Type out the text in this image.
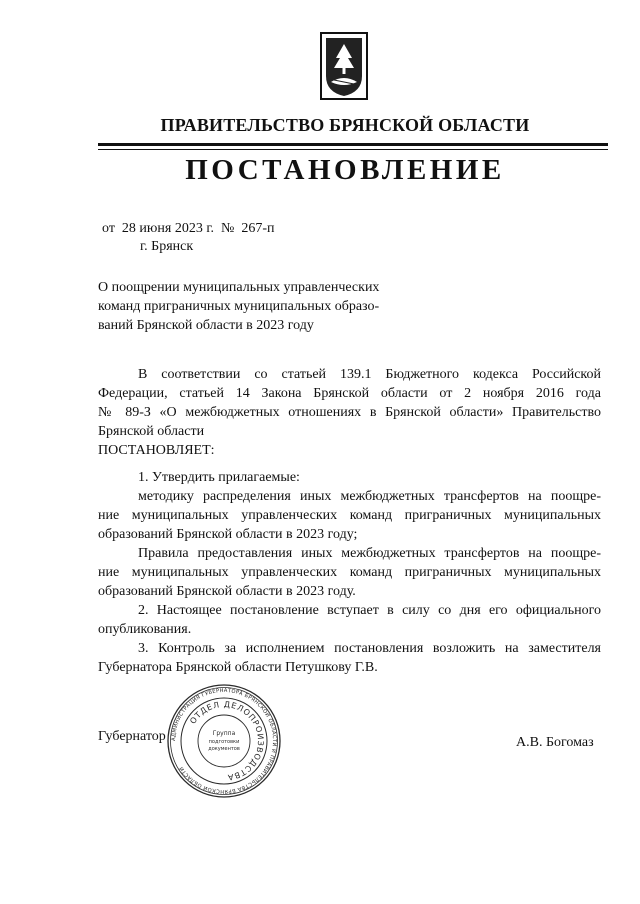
ПРАВИТЕЛЬСТВО БРЯНСКОЙ ОБЛАСТИ
ПОСТАНОВЛЕНИЕ
от  28 июня 2023 г.  №  267-п
г. Брянск
О поощрении муниципальных управленческих
команд приграничных муниципальных образо-
ваний Брянской области в 2023 году
В соответствии со статьей 139.1 Бюджетного кодекса Российской
Федерации, статьей 14 Закона Брянской области от 2 ноября 2016 года
№ 89-З «О межбюджетных отношениях в Брянской области» Правительство
Брянской области
ПОСТАНОВЛЯЕТ:
1. Утвердить прилагаемые:
методику распределения иных межбюджетных трансфертов на поощре-
ние муниципальных управленческих команд приграничных муниципальных
образований Брянской области в 2023 году;
Правила предоставления иных межбюджетных трансфертов на поощре-
ние муниципальных управленческих команд приграничных муниципальных
образований Брянской области в 2023 году.
2. Настоящее постановление вступает в силу со дня его официального
опубликования.
3. Контроль за исполнением постановления возложить на заместителя
Губернатора Брянской области Петушкову Г.В.
Губернатор	А.В. Богомаз
АДМИНИСТРАЦИЯ ГУБЕРНАТОРА БРЯНСКОЙ ОБЛАСТИ И ПРАВИТЕЛЬСТВА БРЯНСКОЙ ОБЛАСТИ
ОТДЕЛ ДЕЛОПРОИЗВОДСТВА
Группа
подготовки
документов
